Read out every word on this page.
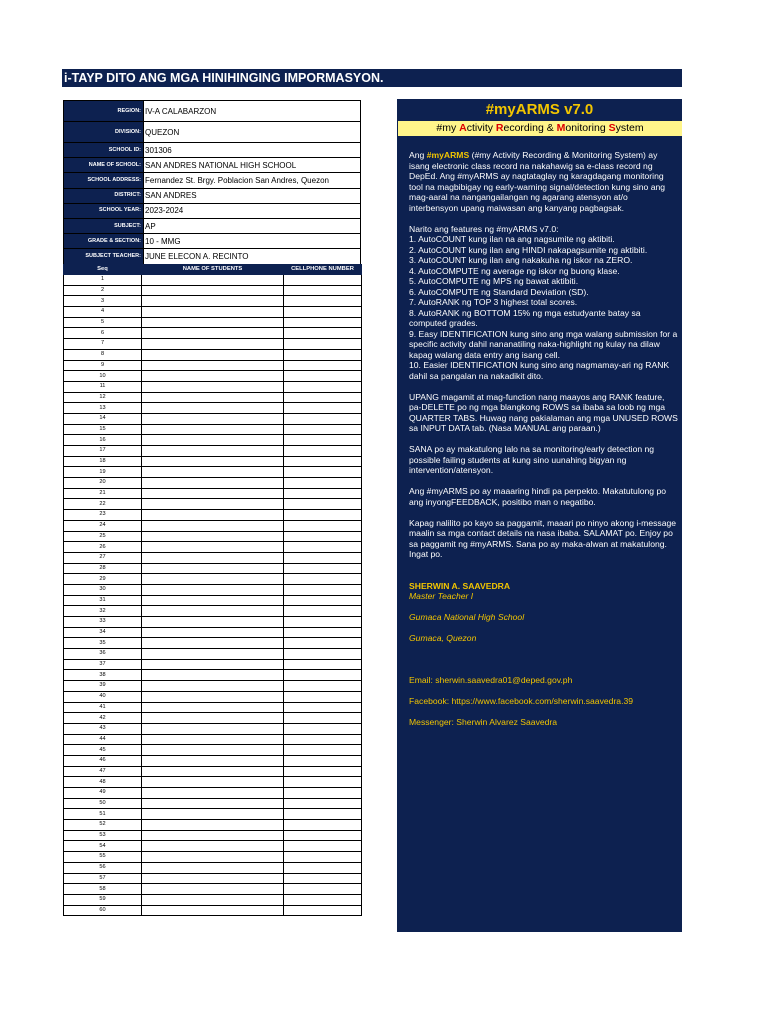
i-TAYP DITO ANG MGA HINIHINGING IMPORMASYON.
REGION:	IV-A CALABARZON
DIVISION:	QUEZON
SCHOOL ID:	301306
NAME OF SCHOOL:	SAN ANDRES NATIONAL HIGH SCHOOL
SCHOOL ADDRESS:	Fernandez St. Brgy. Poblacion San Andres, Quezon
DISTRICT:	SAN ANDRES
SCHOOL YEAR:	2023-2024
SUBJECT:	AP
GRADE & SECTION:	10 - MMG
SUBJECT TEACHER:	JUNE ELECON A. RECINTO
Seq	NAME OF STUDENTS	CELLPHONE NUMBER
1		
2		
3		
4		
5		
6		
7		
8		
9		
10		
11		
12		
13		
14		
15		
16		
17		
18		
19		
20		
21		
22		
23		
24		
25		
26		
27		
28		
29		
30		
31		
32		
33		
34		
35		
36		
37		
38		
39		
40		
41		
42		
43		
44		
45		
46		
47		
48		
49		
50		
51		
52		
53		
54		
55		
56		
57		
58		
59		
60		
#myARMS v7.0
#my Activity Recording & Monitoring System

Ang #myARMS (#my Activity Recording & Monitoring System) ay isang electronic class record na nakahawig sa e-class record ng DepEd. Ang #myARMS ay nagtataglay ng karagdagang monitoring tool na magbibigay ng early-warning signal/detection kung sino ang mag-aaral na nangangailangan ng agarang atensyon at/o interbensyon upang maiwasan ang kanyang pagbagsak.

Narito ang features ng #myARMS v7.0:
1. AutoCOUNT kung ilan na ang nagsumite ng aktibiti.
2. AutoCOUNT kung ilan ang HINDI nakapagsumite ng aktibiti.
3. AutoCOUNT kung ilan ang nakakuha ng iskor na ZERO.
4. AutoCOMPUTE ng average ng iskor ng buong klase.
5. AutoCOMPUTE ng MPS ng bawat aktibiti.
6. AutoCOMPUTE ng Standard Deviation (SD).
7. AutoRANK ng TOP 3 highest total scores.
8. AutoRANK ng BOTTOM 15% ng mga estudyante batay sa computed grades.
9. Easy IDENTIFICATION kung sino ang mga walang submission for a specific activity dahil nananatiling naka-highlight ng kulay na dilaw kapag walang data entry ang isang cell.
10. Easier IDENTIFICATION kung sino ang nagmamay-ari ng RANK dahil sa pangalan na nakadikit dito.

UPANG magamit at mag-function nang maayos ang RANK feature, pa-DELETE po ng mga blangkong ROWS sa ibaba sa loob ng mga QUARTER TABS. Huwag nang pakialaman ang mga UNUSED ROWS sa INPUT DATA tab. (Nasa MANUAL ang paraan.)

SANA po ay makatulong lalo na sa monitoring/early detection ng possible failing students at kung sino uunahing bigyan ng intervention/atensyon.

Ang #myARMS po ay maaaring hindi pa perpekto. Makatutulong po ang inyongFEEDBACK, positibo man o negatibo.

Kapag nalilito po kayo sa paggamit, maaari po ninyo akong i-message maalin sa mga contact details na nasa ibaba. SALAMAT po. Enjoy po sa paggamit ng #myARMS. Sana po ay maka-alwan at makatulong. Ingat po.

SHERWIN A. SAAVEDRA

Master Teacher I

Gumaca National High School

Gumaca, Quezon

Email: sherwin.saavedra01@deped.gov.ph

Facebook: https://www.facebook.com/sherwin.saavedra.39

Messenger: Sherwin Alvarez Saavedra
